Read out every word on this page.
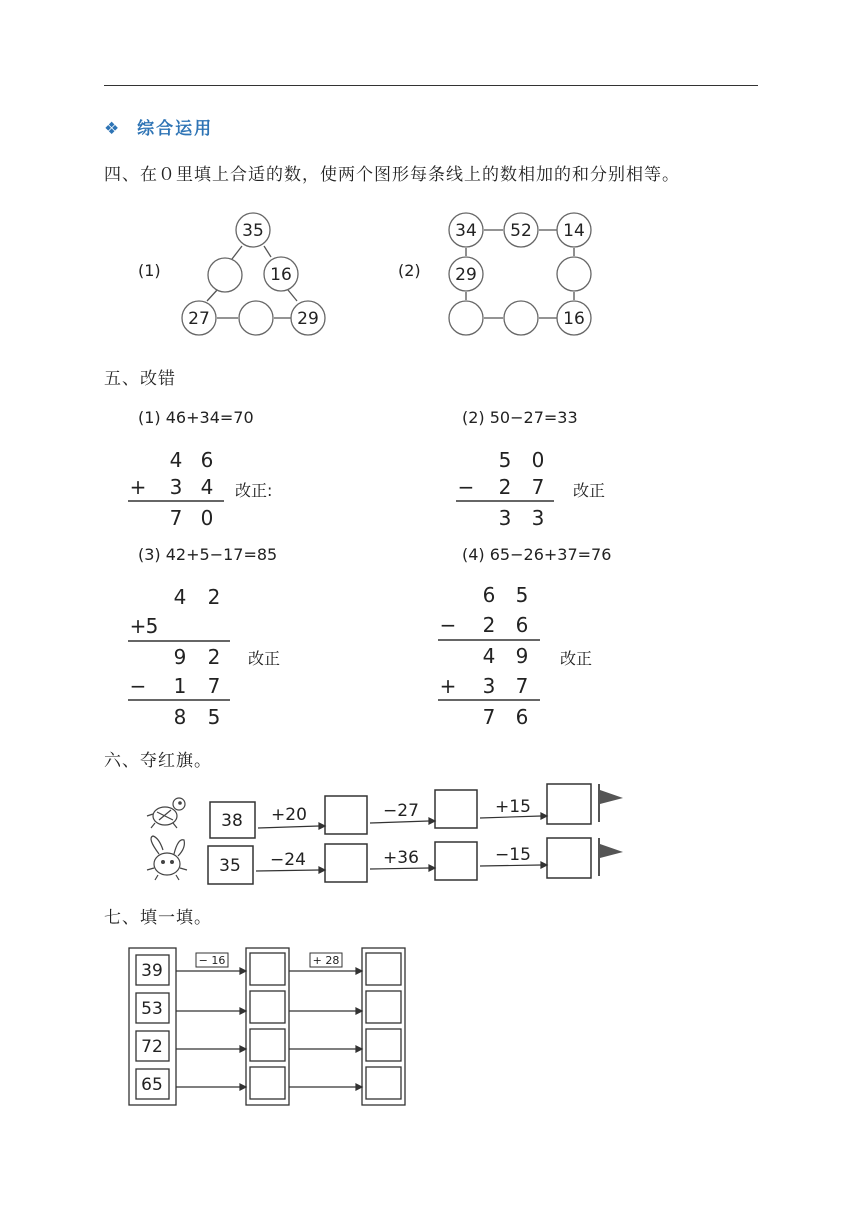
❖ 综合运用
四、在０里填上合适的数，使两个图形每条线上的数相加的和分别相等。
(1)
35
16
27	29
(2)
34 52 14
29
16
五、改错
(1) 46+34=70
4 6
+ 3 4
7 0
改正:
(2) 50−27=33
5 0
− 2 7
3 3
改正
(3) 42+5−17=85
4 2
+ 5
9 2
− 1 7
8 5
改正
(4) 65−26+37=76
6 5
− 2 6
4 9
+ 3 7
7 6
改正
六、夺红旗。
38 +20	−27	+15
35 −24	+36	−15
七、填一填。
− 16	+ 28
39
53
72
65
